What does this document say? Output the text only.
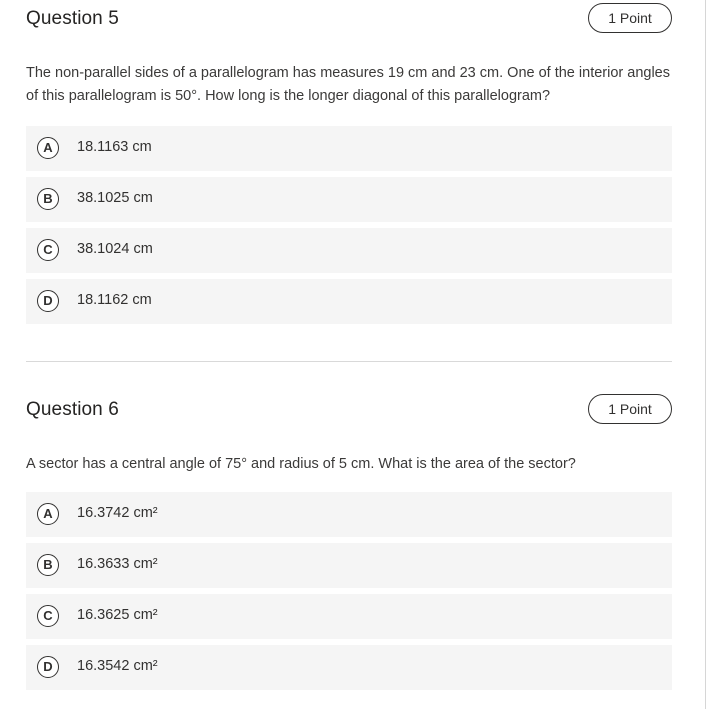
Question 5	1 Point

The non-parallel sides of a parallelogram has measures 19 cm and 23 cm. One of the interior angles of this parallelogram is 50°. How long is the longer diagonal of this parallelogram?

A	18.1163 cm
B	38.1025 cm
C	38.1024 cm
D	18.1162 cm
Question 6	1 Point

A sector has a central angle of 75° and radius of 5 cm. What is the area of the sector?

A	16.3742 cm²
B	16.3633 cm²
C	16.3625 cm²
D	16.3542 cm²
